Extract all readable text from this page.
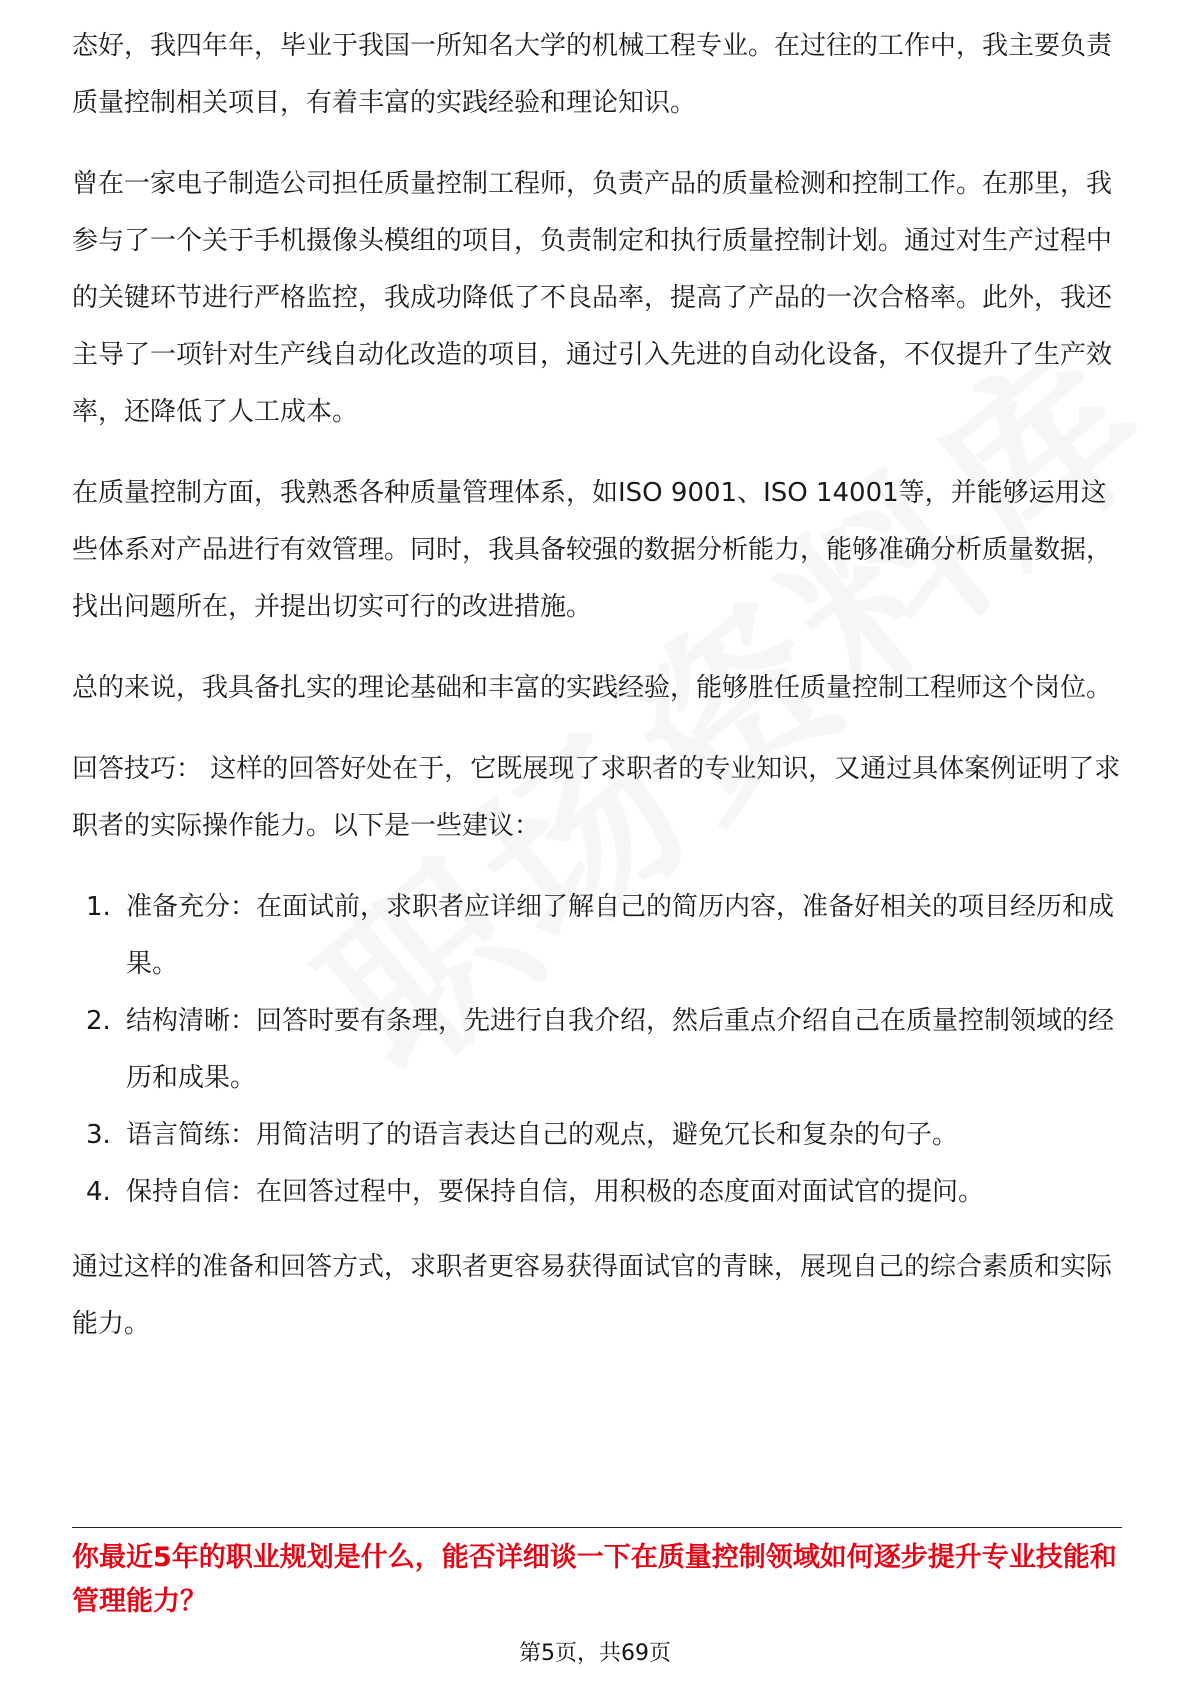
态好，我四年年，毕业于我国一所知名大学的机械工程专业。在过往的工作中，我主要负责质量控制相关项目，有着丰富的实践经验和理论知识。

曾在一家电子制造公司担任质量控制工程师，负责产品的质量检测和控制工作。在那里，我参与了一个关于手机摄像头模组的项目，负责制定和执行质量控制计划。通过对生产过程中的关键环节进行严格监控，我成功降低了不良品率，提高了产品的一次合格率。此外，我还主导了一项针对生产线自动化改造的项目，通过引入先进的自动化设备，不仅提升了生产效率，还降低了人工成本。

在质量控制方面，我熟悉各种质量管理体系，如ISO 9001、ISO 14001等，并能够运用这些体系对产品进行有效管理。同时，我具备较强的数据分析能力，能够准确分析质量数据，找出问题所在，并提出切实可行的改进措施。

总的来说，我具备扎实的理论基础和丰富的实践经验，能够胜任质量控制工程师这个岗位。

回答技巧： 这样的回答好处在于，它既展现了求职者的专业知识，又通过具体案例证明了求职者的实际操作能力。以下是一些建议：

1. 准备充分：在面试前，求职者应详细了解自己的简历内容，准备好相关的项目经历和成果。
2. 结构清晰：回答时要有条理，先进行自我介绍，然后重点介绍自己在质量控制领域的经历和成果。
3. 语言简练：用简洁明了的语言表达自己的观点，避免冗长和复杂的句子。
4. 保持自信：在回答过程中，要保持自信，用积极的态度面对面试官的提问。

通过这样的准备和回答方式，求职者更容易获得面试官的青睐，展现自己的综合素质和实际能力。

你最近5年的职业规划是什么，能否详细谈一下在质量控制领域如何逐步提升专业技能和管理能力？
第5页，共69页
